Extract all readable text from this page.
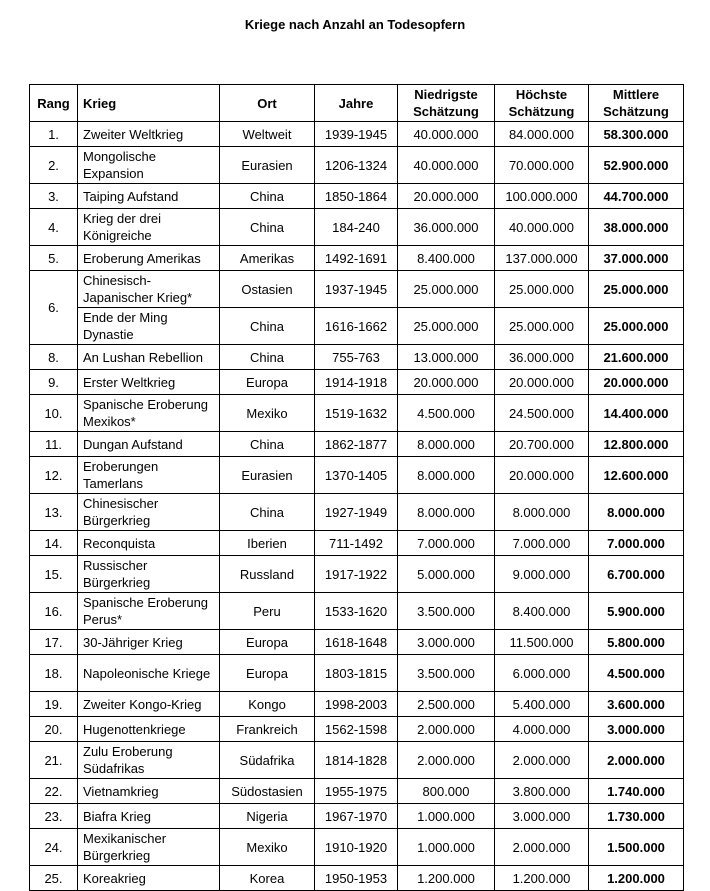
Kriege nach Anzahl an Todesopfern
Rang	Krieg	Ort	Jahre	Niedrigste Schätzung	Höchste Schätzung	Mittlere Schätzung
1.	Zweiter Weltkrieg	Weltweit	1939-1945	40.000.000	84.000.000	58.300.000
2.	Mongolische Expansion	Eurasien	1206-1324	40.000.000	70.000.000	52.900.000
3.	Taiping Aufstand	China	1850-1864	20.000.000	100.000.000	44.700.000
4.	Krieg der drei Königreiche	China	184-240	36.000.000	40.000.000	38.000.000
5.	Eroberung Amerikas	Amerikas	1492-1691	8.400.000	137.000.000	37.000.000
6.	Chinesisch-Japanischer Krieg*	Ostasien	1937-1945	25.000.000	25.000.000	25.000.000
	Ende der Ming Dynastie	China	1616-1662	25.000.000	25.000.000	25.000.000
8.	An Lushan Rebellion	China	755-763	13.000.000	36.000.000	21.600.000
9.	Erster Weltkrieg	Europa	1914-1918	20.000.000	20.000.000	20.000.000
10.	Spanische Eroberung Mexikos*	Mexiko	1519-1632	4.500.000	24.500.000	14.400.000
11.	Dungan Aufstand	China	1862-1877	8.000.000	20.700.000	12.800.000
12.	Eroberungen Tamerlans	Eurasien	1370-1405	8.000.000	20.000.000	12.600.000
13.	Chinesischer Bürgerkrieg	China	1927-1949	8.000.000	8.000.000	8.000.000
14.	Reconquista	Iberien	711-1492	7.000.000	7.000.000	7.000.000
15.	Russischer Bürgerkrieg	Russland	1917-1922	5.000.000	9.000.000	6.700.000
16.	Spanische Eroberung Perus*	Peru	1533-1620	3.500.000	8.400.000	5.900.000
17.	30-Jähriger Krieg	Europa	1618-1648	3.000.000	11.500.000	5.800.000
18.	Napoleonische Kriege	Europa	1803-1815	3.500.000	6.000.000	4.500.000
19.	Zweiter Kongo-Krieg	Kongo	1998-2003	2.500.000	5.400.000	3.600.000
20.	Hugenottenkriege	Frankreich	1562-1598	2.000.000	4.000.000	3.000.000
21.	Zulu Eroberung Südafrikas	Südafrika	1814-1828	2.000.000	2.000.000	2.000.000
22.	Vietnamkrieg	Südostasien	1955-1975	800.000	3.800.000	1.740.000
23.	Biafra Krieg	Nigeria	1967-1970	1.000.000	3.000.000	1.730.000
24.	Mexikanischer Bürgerkrieg	Mexiko	1910-1920	1.000.000	2.000.000	1.500.000
25.	Koreakrieg	Korea	1950-1953	1.200.000	1.200.000	1.200.000
